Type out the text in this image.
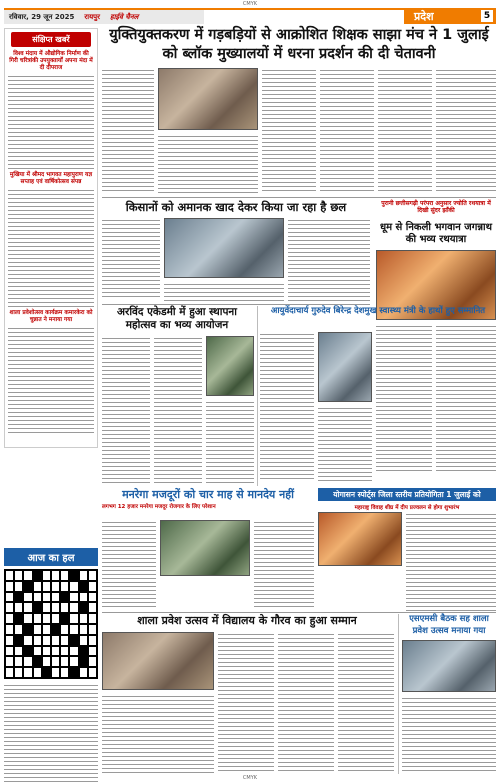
CMYK
रविवार, 29 जून 2025	रायपुर	हाईवे चैनल	प्रदेश	5
संक्षिप्त खबरें
विश्व मंदाय में औद्योगिक निर्माण की गिरी चरित्रांकी उपयुक्तार्यों अपना मंदा में दी दीपराज
मुखिया में श्रीमद भागवत महापुराण यज्ञ सप्ताह एवं वार्षिकोत्सव संपन्न
शाला प्रवेशोत्सव कार्यक्रम कमारकेरा को चुन्नात ने मनाया गया
आज का हल
युक्तियुक्तकरण में गड़बड़ियों से आक्रोशित शिक्षक साझा मंच ने 1 जुलाई को ब्लॉक मुख्यालयों में धरना प्रदर्शन की दी चेतावनी
किसानों को अमानक खाद देकर किया जा रहा है छल	पुरानी छत्तीसगढ़ी परंपरा अनुसार ज्योति रथयात्रा में दिखी सुंदर झाँकी
धूम से निकली भगवान जगन्नाथ की भव्य रथयात्रा
अरविंद एकेडमी में हुआ स्थापना महोत्सव का भव्य आयोजन
आयुर्वेदाचार्य गुरुदेव बिरेन्द्र देशमुख स्वास्थ्य मंत्री के हाथों हुए सम्मानित
योगासन स्पोर्ट्स जिला स्तरीय प्रतियोगिता 1 जुलाई को
महाराष्ट्र विवाह शीघ्र में दीप प्रज्वलन से होगा शुभारंभ
मनरेगा मजदूरों को चार माह से मानदेय नहीं
लगभग 12 हजार मनरेगा मजदूर रोजगार के लिए परेशान
शाला प्रवेश उत्सव में विद्यालय के गौरव का हुआ सम्मान	एसएमसी बैठक सह शाला
प्रवेश उत्सव मनाया गया
CMYK
